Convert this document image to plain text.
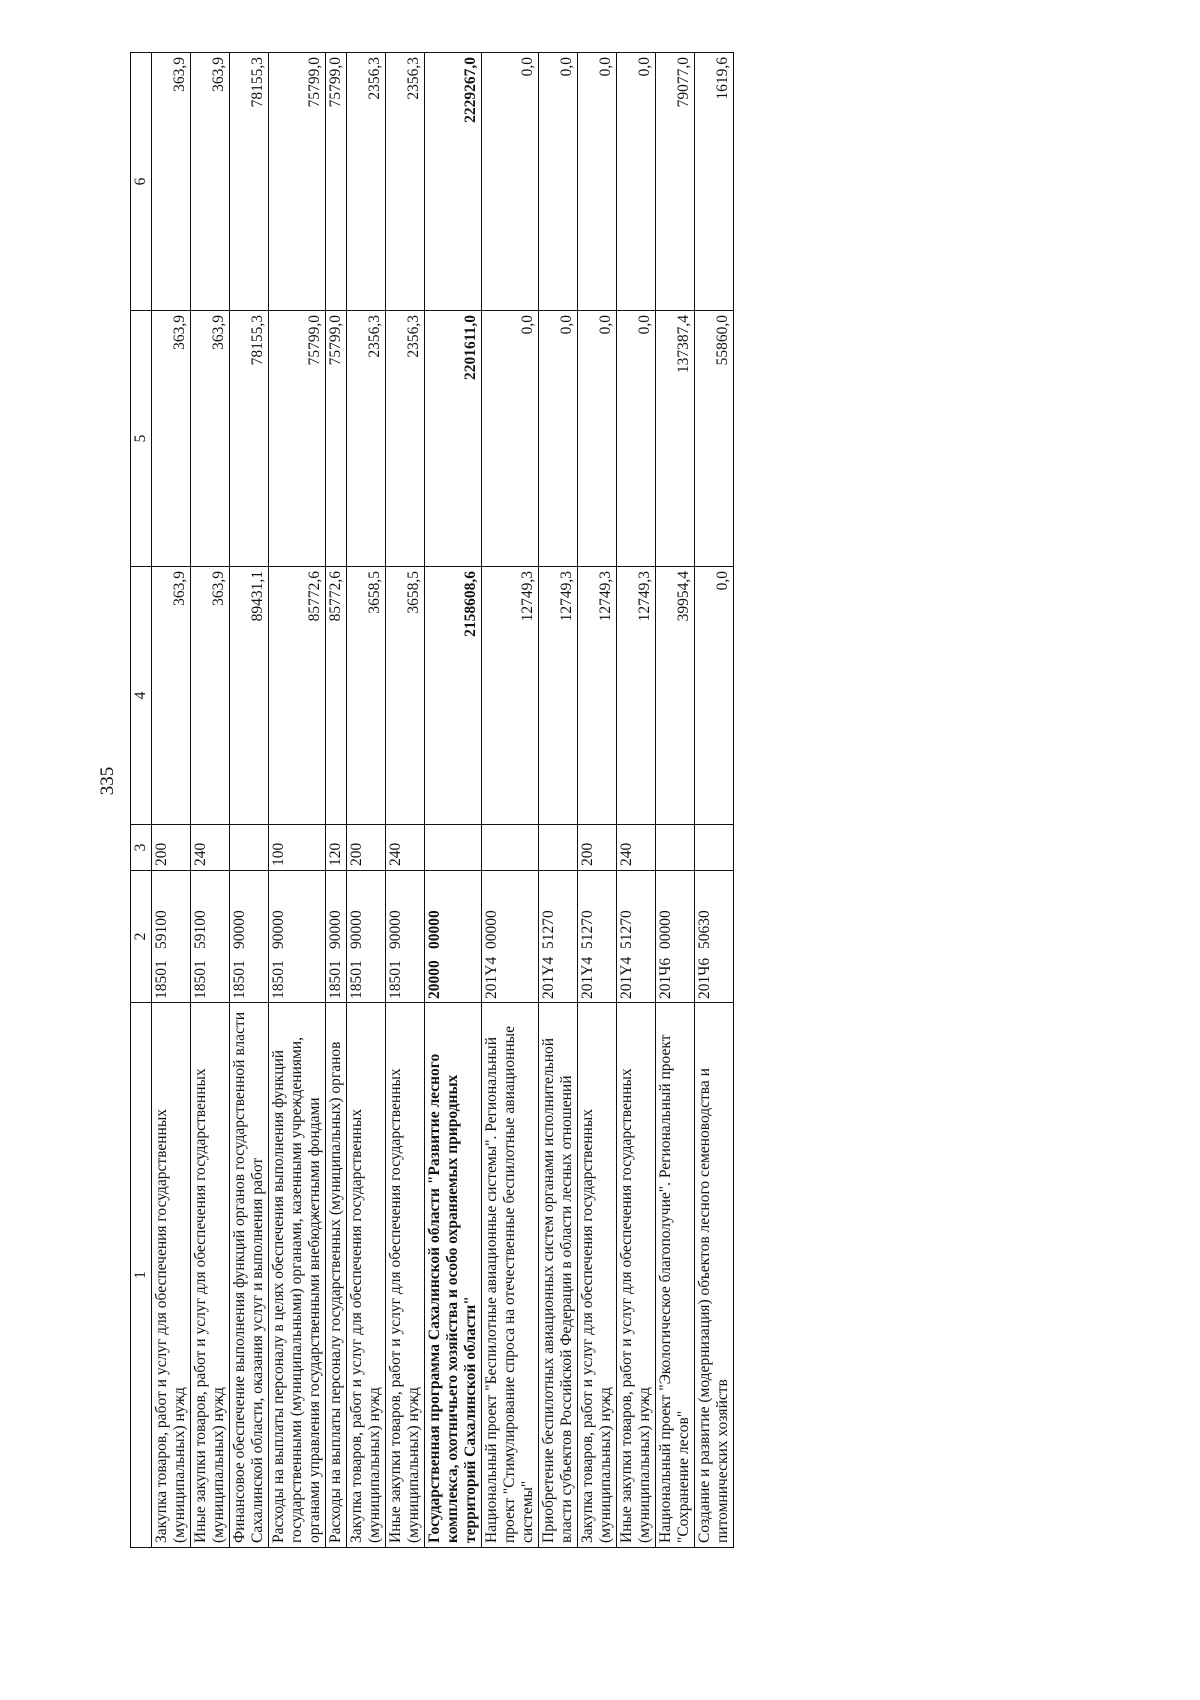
335
1	2	3	4	5	6
Закупка товаров, работ и услуг для обеспечения государственных (муниципальных) нужд	1850159100	200	363,9	363,9	363,9
Иные закупки товаров, работ и услуг для обеспечения государственных (муниципальных) нужд	1850159100	240	363,9	363,9	363,9
Финансовое обеспечение выполнения функций органов государственной власти Сахалинской области, оказания услуг и выполнения работ	1850190000		89431,1	78155,3	78155,3
Расходы на выплаты персоналу в целях обеспечения выполнения функций государственными (муниципальными) органами, казенными учреждениями, органами управления государственными внебюджетными фондами	1850190000	100	85772,6	75799,0	75799,0
Расходы на выплаты персоналу государственных (муниципальных) органов	1850190000	120	85772,6	75799,0	75799,0
Закупка товаров, работ и услуг для обеспечения государственных (муниципальных) нужд	1850190000	200	3658,5	2356,3	2356,3
Иные закупки товаров, работ и услуг для обеспечения государственных (муниципальных) нужд	1850190000	240	3658,5	2356,3	2356,3
Государственная программа Сахалинской области "Развитие лесного комплекса, охотничьего хозяйства и особо охраняемых природных территорий Сахалинской области"	2000000000		2158608,6	2201611,0	2229267,0
Национальный проект "Беспилотные авиационные системы". Региональный проект "Стимулирование спроса на отечественные беспилотные авиационные системы"	201Y400000		12749,3	0,0	0,0
Приобретение беспилотных авиационных систем органами исполнительной власти субъектов Российской Федерации в области лесных отношений	201Y451270		12749,3	0,0	0,0
Закупка товаров, работ и услуг для обеспечения государственных (муниципальных) нужд	201Y451270	200	12749,3	0,0	0,0
Иные закупки товаров, работ и услуг для обеспечения государственных (муниципальных) нужд	201Y451270	240	12749,3	0,0	0,0
Национальный проект "Экологическое благополучие". Региональный проект "Сохранение лесов"	201Ч600000		39954,4	137387,4	79077,0
Создание и развитие (модернизация) объектов лесного семеноводства и питомнических хозяйств	201Ч650630		0,0	55860,0	1619,6
